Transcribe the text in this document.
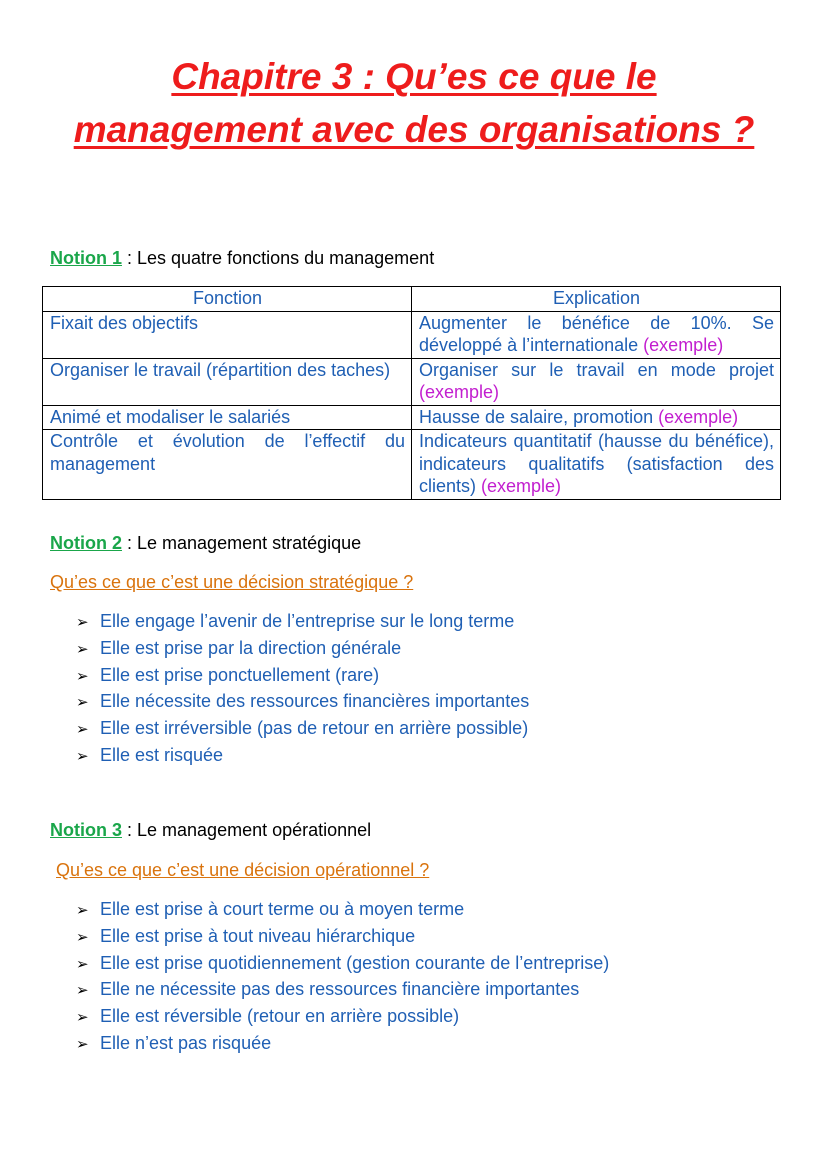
Chapitre 3 : Qu’es ce que le
management avec des organisations ?
Notion 1 : Les quatre fonctions du management
Fonction	Explication
Fixait des objectifs	Augmenter le bénéfice de 10%. Se développé à l’internationale (exemple)
Organiser le travail (répartition des taches)	Organiser sur le travail en mode projet (exemple)
Animé et modaliser le salariés	Hausse de salaire, promotion (exemple)
Contrôle et évolution de l’effectif du management	Indicateurs quantitatif (hausse du bénéfice), indicateurs qualitatifs (satisfaction des clients) (exemple)
Notion 2 : Le management stratégique
Qu’es ce que c’est une décision stratégique ?
➢ Elle engage l’avenir de l’entreprise sur le long terme
➢ Elle est prise par la direction générale
➢ Elle est prise ponctuellement (rare)
➢ Elle nécessite des ressources financières importantes
➢ Elle est irréversible (pas de retour en arrière possible)
➢ Elle est risquée
Notion 3 : Le management opérationnel
Qu’es ce que c’est une décision opérationnel ?
➢ Elle est prise à court terme ou à moyen terme
➢ Elle est prise à tout niveau hiérarchique
➢ Elle est prise quotidiennement (gestion courante de l’entreprise)
➢ Elle ne nécessite pas des ressources financière importantes
➢ Elle est réversible (retour en arrière possible)
➢ Elle n’est pas risquée
